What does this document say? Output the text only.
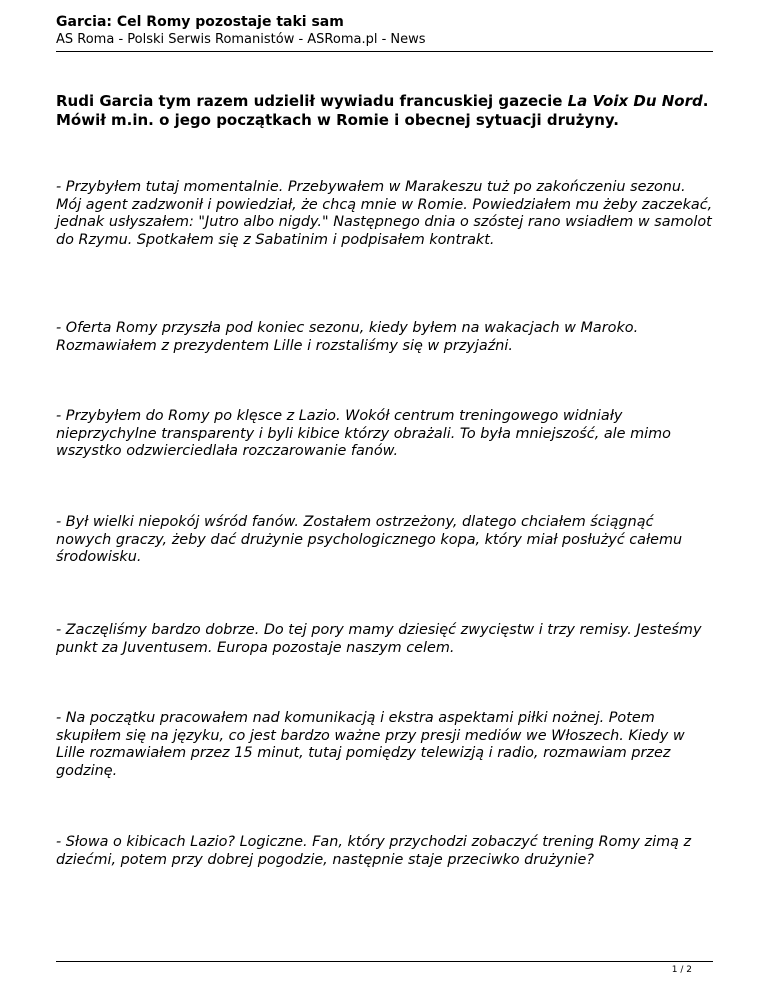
Garcia: Cel Romy pozostaje taki sam
AS Roma - Polski Serwis Romanistów - ASRoma.pl - News
Rudi Garcia tym razem udzielił wywiadu francuskiej gazecie La Voix Du Nord. Mówił m.in. o jego początkach w Romie i obecnej sytuacji drużyny.
- Przybyłem tutaj momentalnie. Przebywałem w Marakeszu tuż po zakończeniu sezonu. Mój agent zadzwonił i powiedział, że chcą mnie w Romie. Powiedziałem mu żeby zaczekać, jednak usłyszałem: "Jutro albo nigdy." Następnego dnia o szóstej rano wsiadłem w samolot do Rzymu. Spotkałem się z Sabatinim i podpisałem kontrakt.
- Oferta Romy przyszła pod koniec sezonu, kiedy byłem na wakacjach w Maroko. Rozmawiałem z prezydentem Lille i rozstaliśmy się w przyjaźni.
- Przybyłem do Romy po klęsce z Lazio. Wokół centrum treningowego widniały nieprzychylne transparenty i byli kibice którzy obrażali. To była mniejszość, ale mimo wszystko odzwierciedlała rozczarowanie fanów.
- Był wielki niepokój wśród fanów. Zostałem ostrzeżony, dlatego chciałem ściągnąć nowych graczy, żeby dać drużynie psychologicznego kopa, który miał posłużyć całemu środowisku.
- Zaczęliśmy bardzo dobrze. Do tej pory mamy dziesięć zwycięstw i trzy remisy. Jesteśmy punkt za Juventusem. Europa pozostaje naszym celem.
- Na początku pracowałem nad komunikacją i ekstra aspektami piłki nożnej. Potem skupiłem się na języku, co jest bardzo ważne przy presji mediów we Włoszech. Kiedy w Lille rozmawiałem przez 15 minut, tutaj pomiędzy telewizją i radio, rozmawiam przez godzinę.
- Słowa o kibicach Lazio? Logiczne. Fan, który przychodzi zobaczyć trening Romy zimą z dziećmi, potem przy dobrej pogodzie, następnie staje przeciwko drużynie?
1 / 2
